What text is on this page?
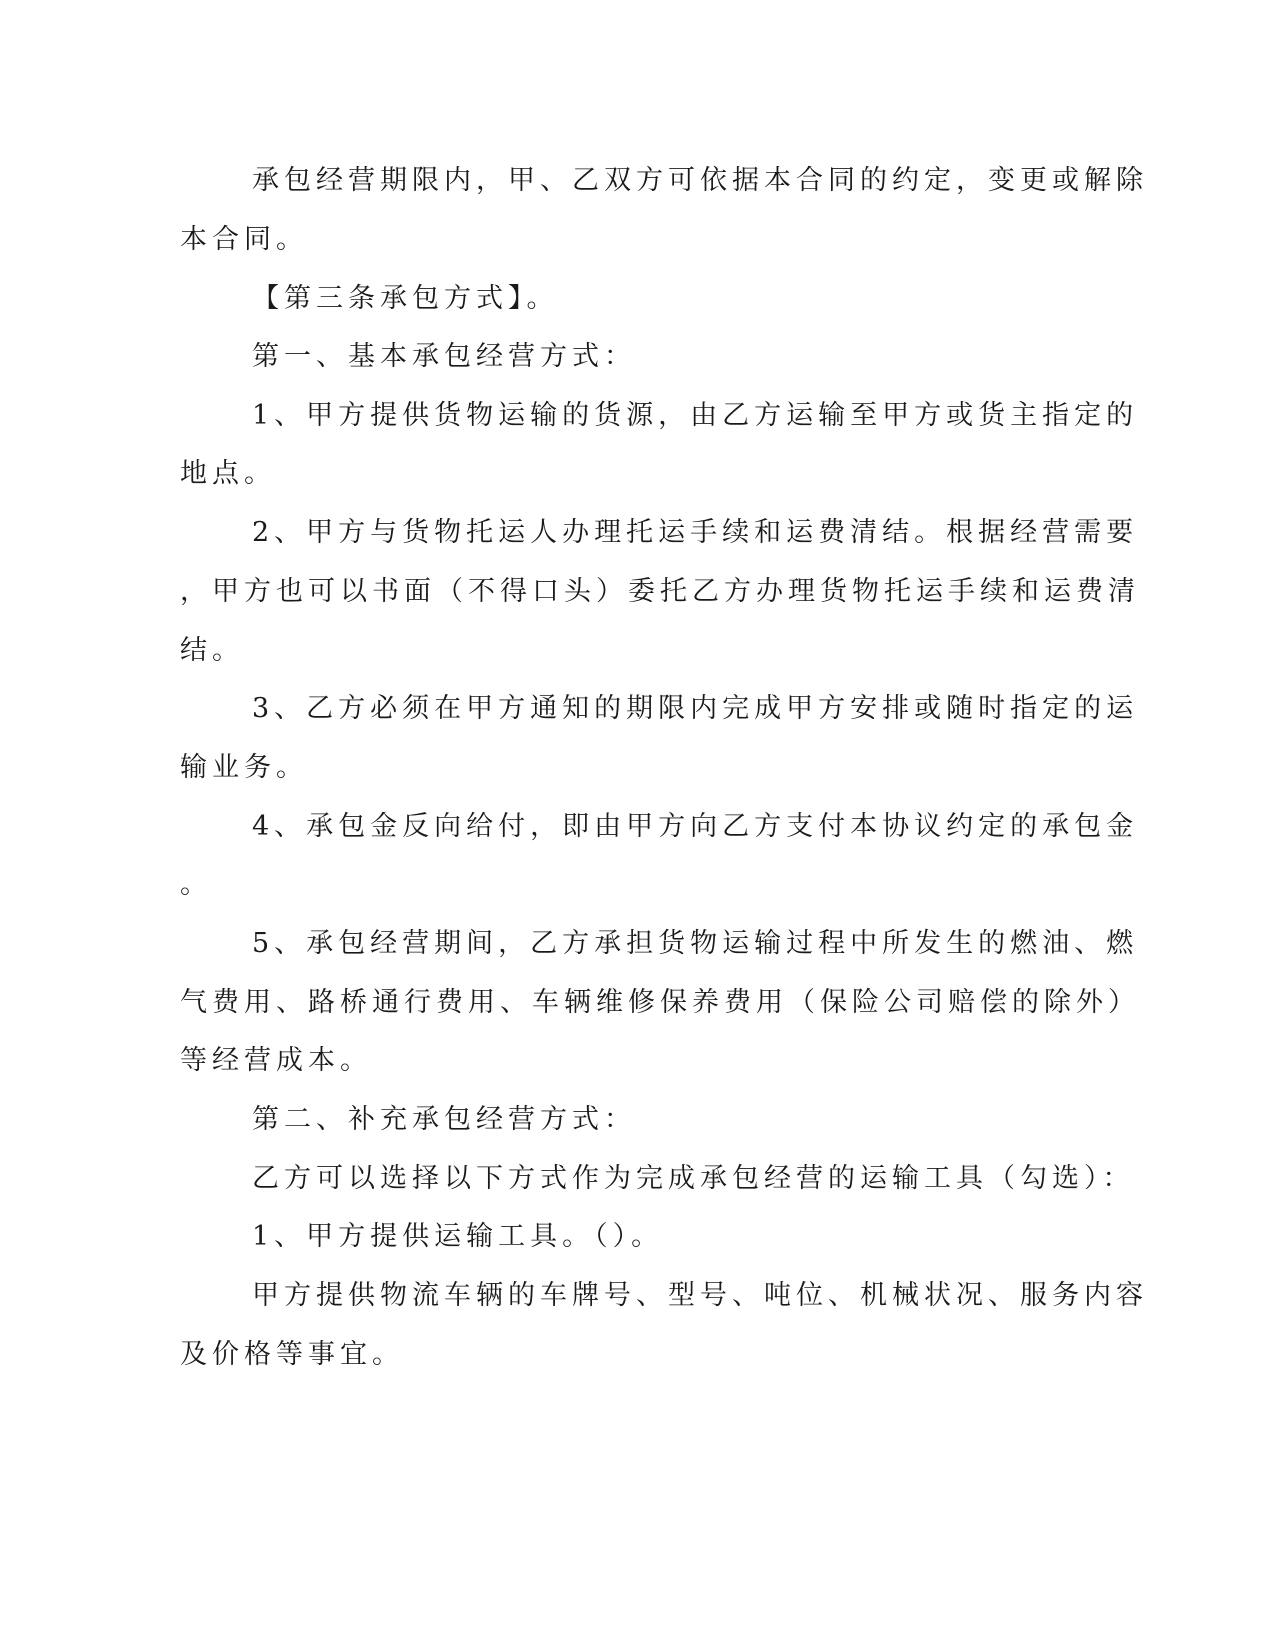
承包经营期限内，甲、乙双方可依据本合同的约定，变更或解除

本合同。

【第三条承包方式】。

第一、基本承包经营方式：

1、甲方提供货物运输的货源，由乙方运输至甲方或货主指定的

地点。

2、甲方与货物托运人办理托运手续和运费清结。根据经营需要

，甲方也可以书面（不得口头）委托乙方办理货物托运手续和运费清

结。

3、乙方必须在甲方通知的期限内完成甲方安排或随时指定的运

输业务。

4、承包金反向给付，即由甲方向乙方支付本协议约定的承包金

。

5、承包经营期间，乙方承担货物运输过程中所发生的燃油、燃

气费用、路桥通行费用、车辆维修保养费用（保险公司赔偿的除外）

等经营成本。

第二、补充承包经营方式：

乙方可以选择以下方式作为完成承包经营的运输工具（勾选）：

1、甲方提供运输工具。（）。

甲方提供物流车辆的车牌号、型号、吨位、机械状况、服务内容

及价格等事宜。
